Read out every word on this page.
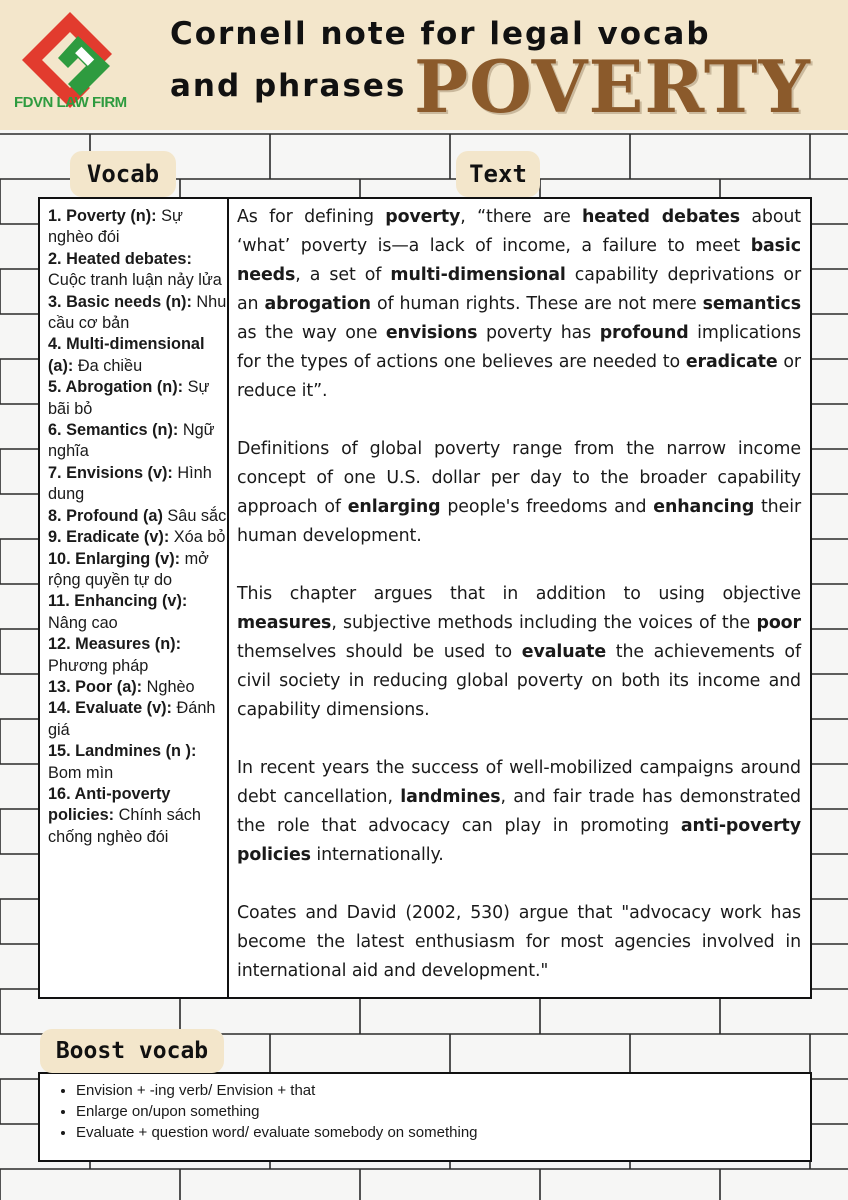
FDVN LAW FIRM
Cornell note for legal vocab
and phrases POVERTY
Vocab	Text
1. Poverty (n): Sự nghèo đói
2. Heated debates: Cuộc tranh luận nảy lửa
3. Basic needs (n): Nhu cầu cơ bản
4. Multi-dimensional (a): Đa chiều
5. Abrogation (n): Sự bãi bỏ
6. Semantics (n): Ngữ nghĩa
7. Envisions (v): Hình dung
8. Profound (a) Sâu sắc
9. Eradicate (v): Xóa bỏ
10. Enlarging (v): mở rộng quyền tự do
11. Enhancing (v): Nâng cao
12. Measures (n): Phương pháp
13. Poor (a): Nghèo
14. Evaluate (v): Đánh giá
15. Landmines (n ): Bom mìn
16. Anti-poverty policies: Chính sách chống nghèo đói

As for defining poverty, “there are heated debates about ‘what’ poverty is—a lack of income, a failure to meet basic needs, a set of multi-dimensional capability deprivations or an abrogation of human rights. These are not mere semantics as the way one envisions poverty has profound implications for the types of actions one believes are needed to eradicate or reduce it”.

Definitions of global poverty range from the narrow income concept of one U.S. dollar per day to the broader capability approach of enlarging people's freedoms and enhancing their human development.

This chapter argues that in addition to using objective measures, subjective methods including the voices of the poor themselves should be used to evaluate the achievements of civil society in reducing global poverty on both its income and capability dimensions.

In recent years the success of well-mobilized campaigns around debt cancellation, landmines, and fair trade has demonstrated the role that advocacy can play in promoting anti-poverty policies internationally.

Coates and David (2002, 530) argue that "advocacy work has become the latest enthusiasm for most agencies involved in international aid and development."

Boost vocab
• Envision + -ing verb/ Envision + that
• Enlarge on/upon something
• Evaluate + question word/ evaluate somebody on something
